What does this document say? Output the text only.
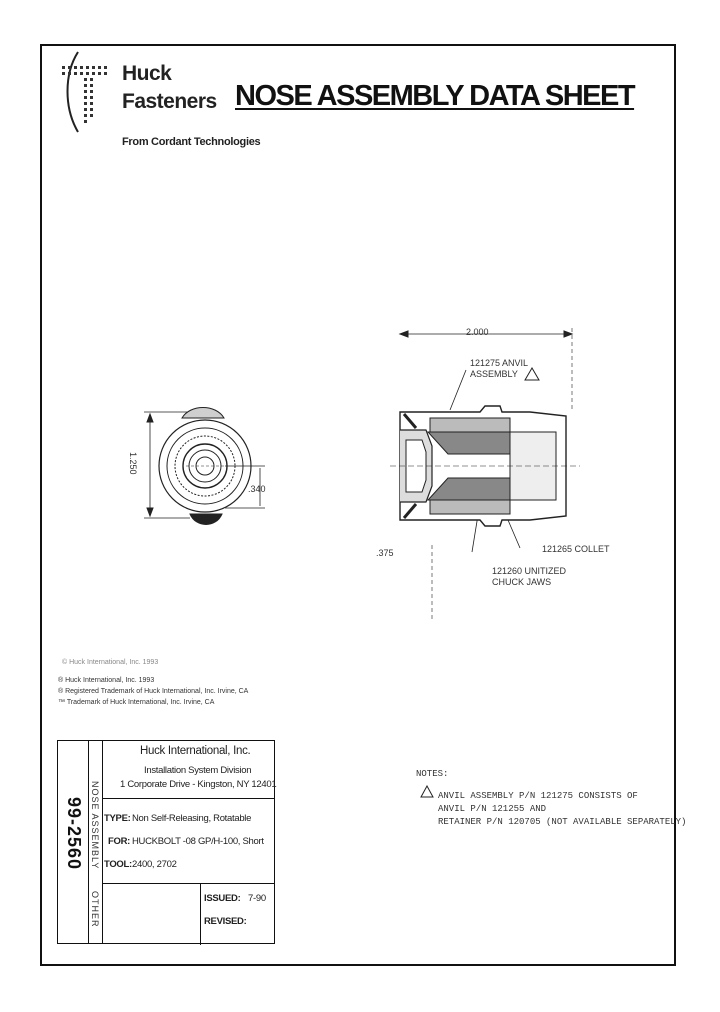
Huck
Fasteners
From Cordant Technologies
NOSE ASSEMBLY DATA SHEET
1.250
.340
2.000
.375
121275 ANVIL
ASSEMBLY
121265 COLLET
121260 UNITIZED
CHUCK JAWS
© Huck International, Inc. 1993
® Huck International, Inc. 1993
® Registered Trademark of Huck International, Inc. Irvine, CA
™ Trademark of Huck International, Inc. Irvine, CA
NOTES:
ANVIL ASSEMBLY P/N 121275 CONSISTS OF
ANVIL P/N 121255 AND
RETAINER P/N 120705 (NOT AVAILABLE SEPARATELY)
99-2560 NOSE ASSEMBLY
OTHER
Huck International, Inc.
Installation System Division
1 Corporate Drive - Kingston, NY 12401
TYPE: Non Self-Releasing, Rotatable
FOR: HUCKBOLT -08 GP/H-100, Short
TOOL: 2400, 2702
ISSUED: 7-90
REVISED:
